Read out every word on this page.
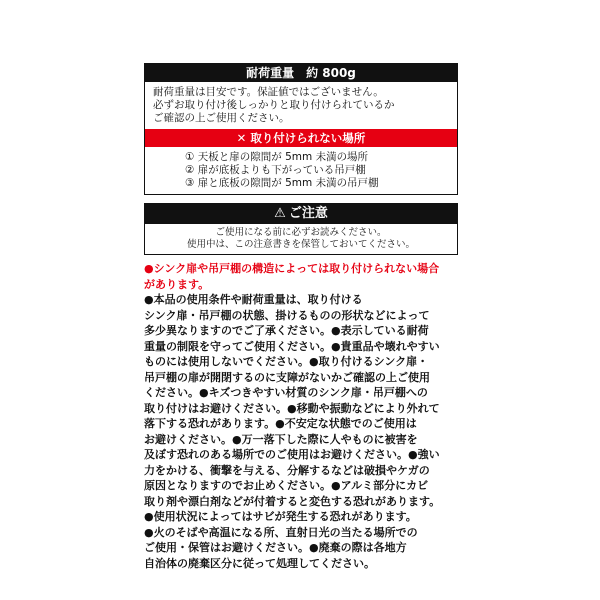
耐荷重量　約 800g
耐荷重量は目安です。保証値ではございません。
必ずお取り付け後しっかりと取り付けられているか
ご確認の上ご使用ください。
✕ 取り付けられない場所
① 天板と扉の隙間が 5mm 未満の場所
② 扉が底板よりも下がっている吊戸棚
③ 扉と底板の隙間が 5mm 未満の吊戸棚
⚠ ご注意
ご使用になる前に必ずお読みください。
使用中は、この注意書きを保管しておいてください。
●シンク扉や吊戸棚の構造によっては取り付けられない場合
があります。
●本品の使用条件や耐荷重量は、取り付ける
シンク扉・吊戸棚の状態、掛けるものの形状などによって
多少異なりますのでご了承ください。●表示している耐荷
重量の制限を守ってご使用ください。●貴重品や壊れやすい
ものには使用しないでください。●取り付けるシンク扉・
吊戸棚の扉が開閉するのに支障がないかご確認の上ご使用
ください。●キズつきやすい材質のシンク扉・吊戸棚への
取り付けはお避けください。●移動や振動などにより外れて
落下する恐れがあります。●不安定な状態でのご使用は
お避けください。●万一落下した際に人やものに被害を
及ぼす恐れのある場所でのご使用はお避けください。●強い
力をかける、衝撃を与える、分解するなどは破損やケガの
原因となりますのでお止めください。●アルミ部分にカビ
取り剤や漂白剤などが付着すると変色する恐れがあります。
●使用状況によってはサビが発生する恐れがあります。
●火のそばや高温になる所、直射日光の当たる場所での
ご使用・保管はお避けください。●廃棄の際は各地方
自治体の廃棄区分に従って処理してください。
